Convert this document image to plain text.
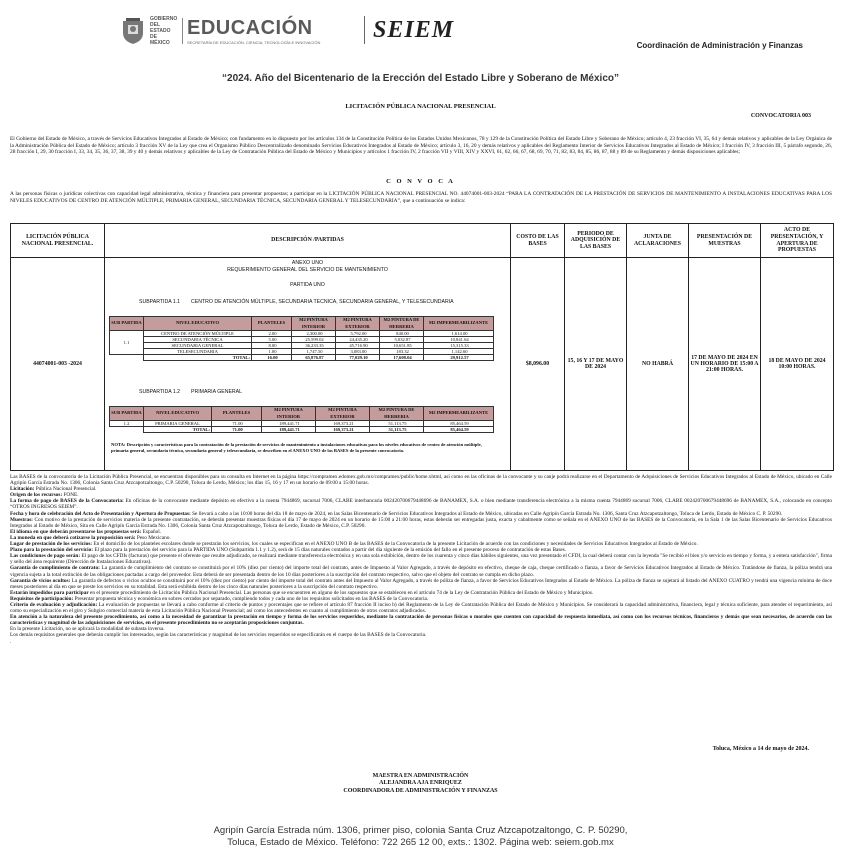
GOBIERNO DEL
ESTADO DE
MÉXICO
EDUCACIÓN
SECRETARÍA DE EDUCACIÓN, CIENCIA, TECNOLOGÍA E INNOVACIÓN SEIEM
Coordinación de Administración y Finanzas
“2024. Año del Bicentenario de la Erección del Estado Libre y Soberano de México”
LICITACIÓN PÚBLICA NACIONAL PRESENCIAL
CONVOCATORIA 003
El Gobierno del Estado de México, a través de Servicios Educativos Integrados al Estado de México; con fundamento en lo dispuesto por los artículos 134 de la Constitución Política de los Estados Unidos Mexicanos, 78 y 129 de la Constitución Política del Estado Libre y Soberano de México; artículo 4, 23 fracción VI, 35, 64 y demás relativos y aplicables de la Ley Orgánica de la Administración Pública del Estado de México; artículo 3 fracción XV de la Ley que crea el Organismo Público Descentralizado denominado Servicios Educativos Integrados al Estado de México; artículo 3, 16, 20 y demás relativos y aplicables del Reglamento Interior de Servicios Educativos Integrados al Estado de México; I fracción IV, 3 fracción III, 5 párrafo segundo, 26, 28 fracción I, 29, 30 fracción I, 33, 34, 35, 36, 37, 38, 39 y 40 y demás relativos y aplicables de la Ley de Contratación Pública del Estado de México y Municipios y artículos 1 fracción IV, 2 fracción VII y VIII, XIV y XXVI, 61, 62, 66, 67, 68, 69, 70, 71, 82, 83, 84, 85, 86, 87, 88 y 89 de su Reglamento y demás disposiciones aplicables;
C O N V O C A
A las personas físicas o jurídicas colectivas con capacidad legal administrativa, técnica y financiera para presentar propuestas; a participar en la LICITACIÓN PÚBLICA NACIONAL PRESENCIAL NO. 44074001-003-2024 “PARA LA CONTRATACIÓN DE LA PRESTACIÓN DE SERVICIOS DE MANTENIMIENTO A INSTALACIONES EDUCATIVAS PARA LOS NIVELES EDUCATIVOS DE CENTRO DE ATENCIÓN MÚLTIPLE, PRIMARIA GENERAL, SECUNDARIA TÉCNICA, SECUNDARIA GENERAL Y TELESECUNDARIA”, que a continuación se indica:
LICITACIÓN PÚBLICA NACIONAL PRESENCIAL.	DESCRIPCIÓN /PARTIDAS	COSTO DE LAS BASES	PERIODO DE ADQUISICIÓN DE LAS BASES	JUNTA DE ACLARACIONES	PRESENTACIÓN DE MUESTRAS	ACTO DE PRESENTACIÓN, Y APERTURA DE PROPUESTAS
44074001-003 -2024	
ANEXO UNO
REQUERIMIENTO GENERAL DEL SERVICIO DE MANTENIMIENTO
PARTIDA UNO
SUBPARTIDA 1.1 CENTRO DE ATENCIÓN MÚLTIPLE, SECUNDARIA TECNICA, SECUNDARIA GENERAL, Y TELESECUNDARIA
SUB PARTIDA	NIVEL EDUCATIVO	PLANTELES	M2 PINTURA INTERIOR	M2 PINTURA EXTERIOR	M2 PINTURA DE HERRERIA	M2 IMPERMEABILIZANTE
1.1	CENTRO DE ATENCIÓN MÚLTIPLE	2.00	2,300.00	5,792.00	840.00	1,614.00
SECUNDARIA TÉCNICA	5.00	25,599.02	24,435.20	5,032.87	10,841.64
SECUNDARIA GENERAL	8.00	36,233.35	45,716.90	10,651.85	15,315.33
TELESECUNDARIA	1.00	1,747.50	3,083.00	183.32	1,142.60
	TOTAL:	16.00	65,876.87	77,029.10	17,608.04	29,912.57
SUBPARTIDA 1.2 PRIMARIA GENERAL
SUB PARTIDA	NIVEL EDUCATIVO	PLANTELES	M2 PINTURA INTERIOR	M2 PINTURA EXTERIOR	M2 PINTURA DE HERRERIA	M2 IMPERMEABILIZANTE
1.2	PRIMARIA GENERAL	71.00	189,441.71	169,373.21	51,113.75	85,464.59
	TOTAL:	71.00	189,441.71	169,373.21	51,113.75	85,464.59
NOTA: Descripción y características para la contratación de la prestación de servicios de mantenimiento a instalaciones educativas para los niveles educativos de centro de atención múltiple, primaria general, secundaria técnica, secundaria general y telesecundaria, se describen en el ANEXO UNO de las BASES de la presente convocatoria.
	$8,096.00	15, 16 Y 17 DE MAYO DE 2024	NO HABRÁ	17 DE MAYO DE 2024 EN UN HORARIO DE 15:00 A 21:00 HORAS.	18 DE MAYO DE 2024 10:00 HORAS.

Las BASES de la convocatoria de la Licitación Pública Presencial, se encuentran disponibles para su consulta en Internet en la página https://compramex.edomex.gob.mx/compramex/public/home.xhtml, así como en las oficinas de la convocante y su canje podrá realizarse en el Departamento de Adquisiciones de Servicios Educativos Integrados al Estado de México, ubicado en Calle Agripín García Estrada No. 1306, Colonia Santa Cruz Atzcapotzaltongo, C.P. 50290, Toluca de Lerdo, México; los días 15, 16 y 17 en un horario de 09:00 a 15:00 horas.

Licitación: Pública Nacional Presencial.

Origen de los recursos: FONE.

La forma de pago de BASES de la Convocatoria: En oficinas de la convocante mediante depósito en efectivo a la cuenta 7944869, sucursal 7006, CLABE interbancaria 002420700679448696 de BANAMEX, S.A. o bien mediante transferencia electrónica a la misma cuenta 7944869 sucursal 7006, CLABE 002420700679448696 de BANAMEX, S.A., colocando en concepto “OTROS INGRESOS SEIEM”.

Fecha y hora de celebración del Acto de Presentación y Apertura de Propuestas: Se llevará a cabo a las 10:00 horas del día 18 de mayo de 2024, en las Salas Bicentenario de Servicios Educativos Integrados al Estado de México, ubicadas en Calle Agripín García Estrada No. 1306, Santa Cruz Atzcapotzaltongo, Toluca de Lerdo, Estado de México C. P. 50290.

Muestras: Con motivo de la prestación de servicios materia de la presente contratación, se deberán presentar muestras físicas el día 17 de mayo de 2024 en un horario de 15:00 a 21:00 horas, estas deberán ser entregadas justa, exacta y cabalmente como se señala en el ANEXO UNO de las BASES de la Convocatoria, en la Sala 1 de las Salas Bicentenario de Servicios Educativos Integrados al Estado de México, Sita en Calle Agripín García Estrada No. 1306, Colonia Santa Cruz Atzcapotzaltongo, Toluca de Lerdo, Estado de México, C.P. 50290.

El idioma en que deberán presentarse las propuestas será: Español.

La moneda en que deberá cotizarse la proposición será: Peso Mexicano.

Lugar de prestación de los servicios: En el domicilio de los planteles escolares donde se prestarán los servicios, los cuales se especifican en el ANEXO UNO B de las BASES de la Convocatoria de la presente Licitación de acuerdo con las condiciones y necesidades de Servicios Educativos Integrados al Estado de México.

Plazo para la prestación del servicio: El plazo para la prestación del servicio para la PARTIDA UNO (Subpartida 1.1 y 1.2), será de 15 días naturales contados a partir del día siguiente de la emisión del fallo en el presente proceso de contratación de estas Bases.

Las condiciones de pago serán: El pago de los CFDIs (facturas) que presente el oferente que resulte adjudicado, se realizará mediante transferencia electrónica y en una sola exhibición, dentro de los cuarenta y cinco días hábiles siguientes, una vez presentado el CFDI, la cual deberá contar con la leyenda "Se recibió el bien y/o servicio en tiempo y forma, y a entera satisfacción", firma y sello del área requirente (Dirección de Instalaciones Educativas).

Garantía de cumplimiento de contrato: La garantía de cumplimiento del contrato se constituirá por el 10% (diez por ciento) del importe total del contrato, antes de Impuesto al Valor Agregado, a través de depósito en efectivo, cheque de caja, cheque certificado o fianza, a favor de Servicios Educativos Integrados al Estado de México. Tratándose de fianza, la póliza tendrá una vigencia sujeta a la total extinción de las obligaciones pactadas a cargo del proveedor. Esta deberá de ser presentada dentro de los 10 días posteriores a la suscripción del contrato respectivo, salvo que el objeto del contrato se cumpla en dicho plazo.

Garantía de vicios ocultos: La garantía de defectos o vicios ocultos se constituirá por el 10% (diez por ciento) por ciento del importe total del contrato antes del Impuesto al Valor Agregado, a través de póliza de fianza, a favor de Servicios Educativos Integrados al Estado de México. La póliza de fianza se sujetará al listado del ANEXO CUATRO y tendrá una vigencia mínima de doce meses posteriores al día en que se preste los servicios en su totalidad. Esta será exhibida dentro de los cinco días naturales posteriores a la suscripción del contrato respectivo.

Estarán impedidos para participar en el presente procedimiento de Licitación Pública Nacional Presencial. Las personas que se encuentren en alguno de los supuestos que se establecen en el artículo 74 de la Ley de Contratación Pública del Estado de México y Municipios.

Requisitos de participación: Presentar propuesta técnica y económica en sobres cerrados por separado, cumpliendo todos y cada uno de los requisitos solicitados en las BASES de la Convocatoria.

Criterio de evaluación y adjudicación: La evaluación de propuestas se llevará a cabo conforme al criterio de puntos y porcentajes que se refiere el artículo 87 fracción II inciso b) del Reglamento de la Ley de Contratación Pública del Estado de México y Municipios. Se considerará la capacidad administrativa, financiera, legal y técnica suficiente, para atender el requerimiento, así como su especialización en el giro y Subgiro comercial materia de esta Licitación Pública Nacional Presencial; así como los antecedentes en cuanto al cumplimiento de otros contratos adjudicados.

En atención a la naturaleza del presente procedimiento, así como a la necesidad de garantizar la prestación en tiempo y forma de los servicios requeridos, mediante la contratación de personas físicas o morales que cuenten con capacidad de respuesta inmediata, así como con los recursos técnicos, financieros y demás que sean necesarios, de acuerdo con las características y magnitud de las adquisiciones de servicios, en el presente procedimiento no se aceptarán proposiciones conjuntas.

En la presente Licitación, no se aplicará la modalidad de subasta inversa.

Los demás requisitos generales que deberán cumplir los interesados, según las características y magnitud de los servicios requeridos se especificarán en el cuerpo de las BASES de la Convocatoria.

.

Toluca, México a 14 de mayo de 2024.
MAESTRA EN ADMINISTRACIÓN
ALEJANDRA AJA ENRIQUEZ
COORDINADORA DE ADMINISTRACIÓN Y FINANZAS
Agripín García Estrada núm. 1306, primer piso, colonia Santa Cruz Atzcapotzaltongo, C. P. 50290,
Toluca, Estado de México. Teléfono: 722 265 12 00, exts.: 1302. Página web: seiem.gob.mx
